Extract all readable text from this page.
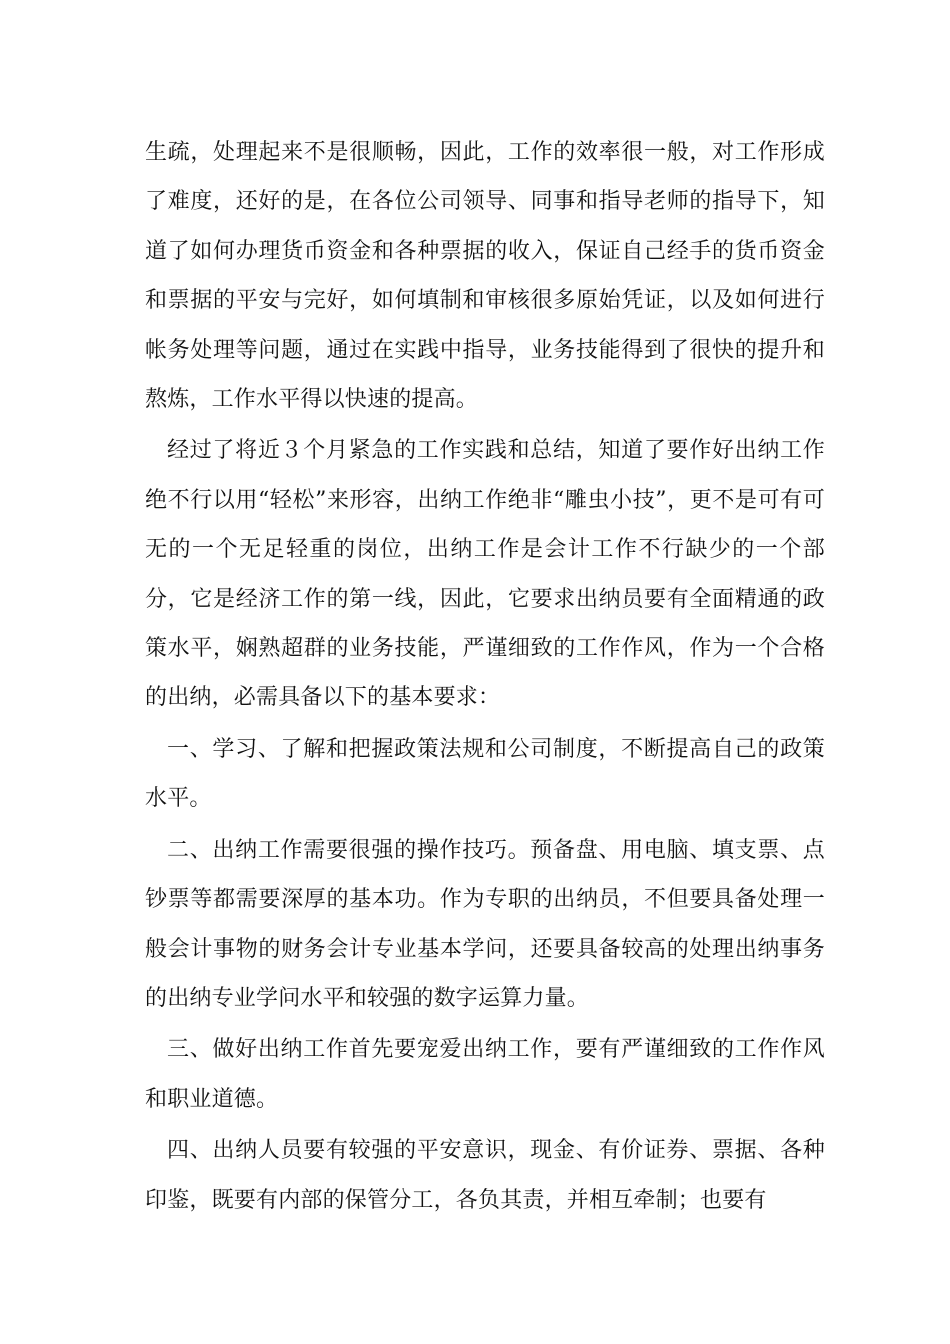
生疏，处理起来不是很顺畅，因此，工作的效率很一般，对工作形成了难度，还好的是，在各位公司领导、同事和指导老师的指导下，知道了如何办理货币资金和各种票据的收入，保证自己经手的货币资金和票据的平安与完好，如何填制和审核很多原始凭证，以及如何进行帐务处理等问题，通过在实践中指导，业务技能得到了很快的提升和熬炼，工作水平得以快速的提高。

经过了将近３个月紧急的工作实践和总结，知道了要作好出纳工作绝不行以用“轻松”来形容，出纳工作绝非“雕虫小技”，更不是可有可无的一个无足轻重的岗位，出纳工作是会计工作不行缺少的一个部分，它是经济工作的第一线，因此，它要求出纳员要有全面精通的政策水平，娴熟超群的业务技能，严谨细致的工作作风，作为一个合格的出纳，必需具备以下的基本要求：

一、学习、了解和把握政策法规和公司制度，不断提高自己的政策水平。

二、出纳工作需要很强的操作技巧。预备盘、用电脑、填支票、点钞票等都需要深厚的基本功。作为专职的出纳员，不但要具备处理一般会计事物的财务会计专业基本学问，还要具备较高的处理出纳事务的出纳专业学问水平和较强的数字运算力量。

三、做好出纳工作首先要宠爱出纳工作，要有严谨细致的工作作风和职业道德。

四、出纳人员要有较强的平安意识，现金、有价证券、票据、各种印鉴，既要有内部的保管分工，各负其责，并相互牵制；也要有
